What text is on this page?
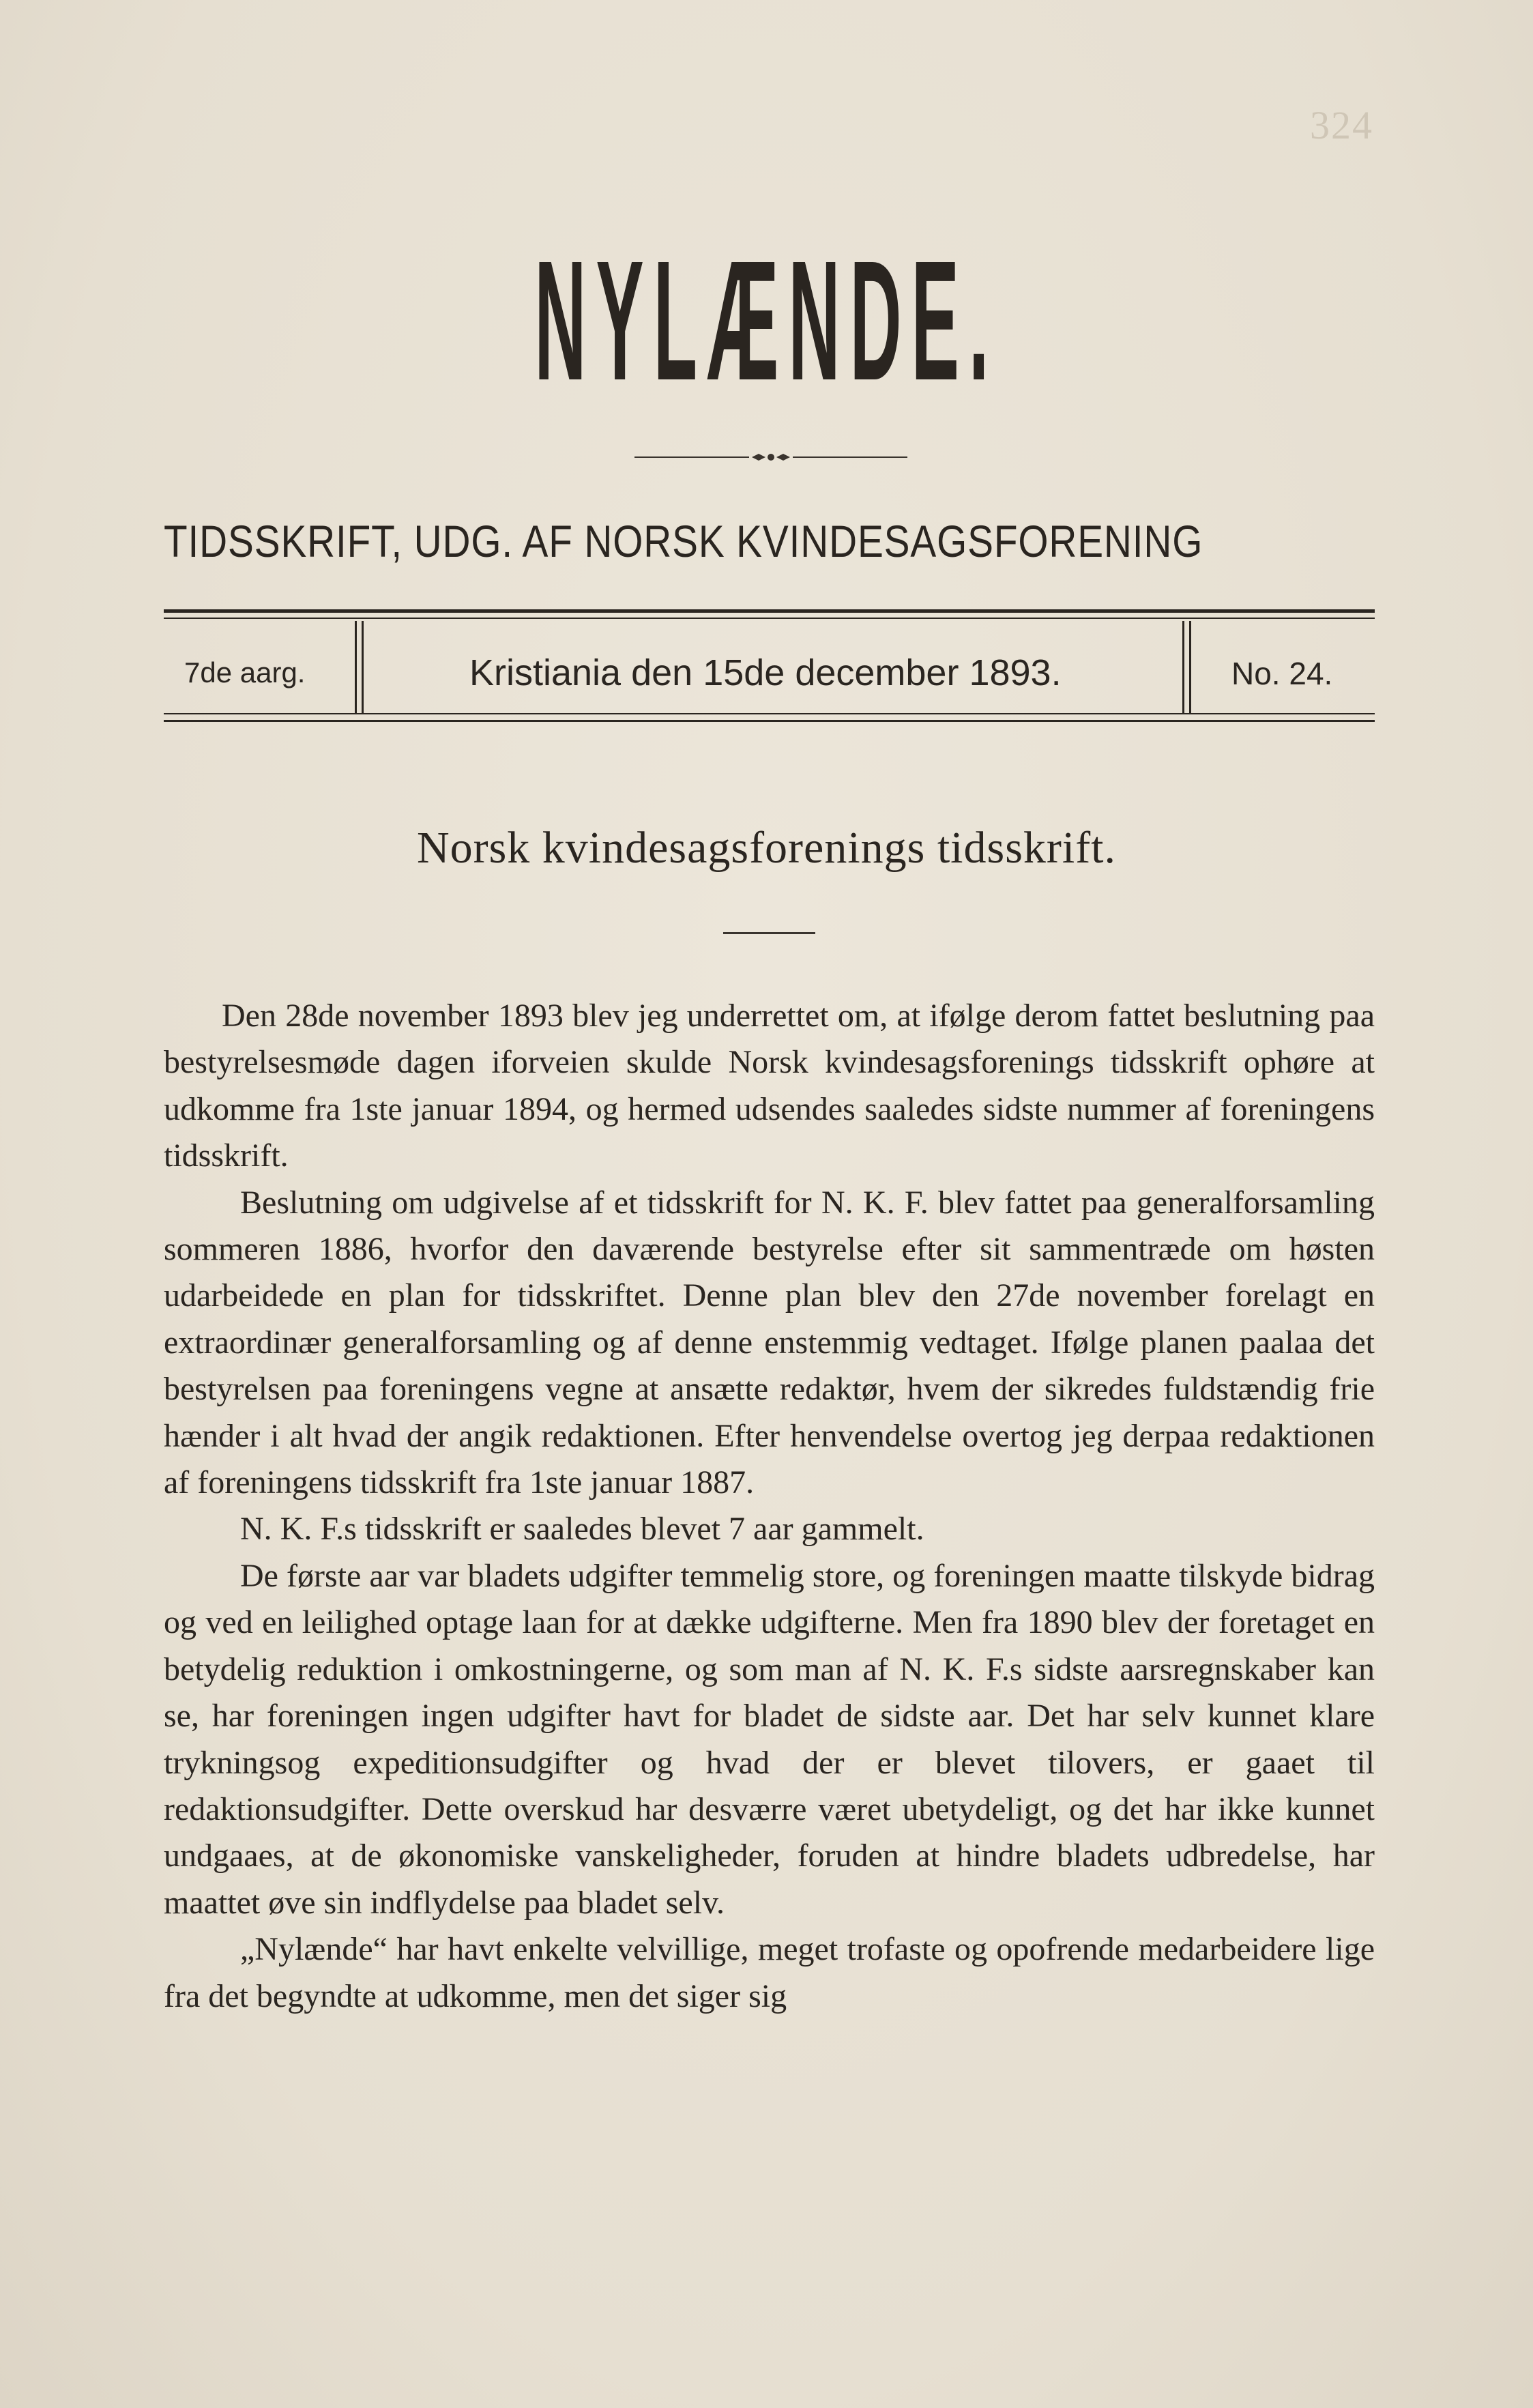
324
NYLÆNDE.
TIDSSKRIFT, UDG. AF NORSK KVINDESAGSFORENING
7de aarg.	Kristiania den 15de december 1893.	No. 24.
Norsk kvindesagsforenings tidsskrift.

Den 28de november 1893 blev jeg underrettet om, at ifølge derom fattet beslutning paa bestyrelsesmøde dagen iforveien skulde Norsk kvindesagsforenings tidsskrift ophøre at udkomme fra 1ste januar 1894, og hermed udsendes saaledes sidste nummer af foreningens tidsskrift.

Beslutning om udgivelse af et tidsskrift for N. K. F. blev fattet paa generalforsamling sommeren 1886, hvorfor den daværende bestyrelse efter sit sammentræde om høsten udarbeidede en plan for tidsskriftet. Denne plan blev den 27de november forelagt en extraordinær generalforsamling og af denne enstemmig vedtaget. Ifølge planen paalaa det bestyrelsen paa foreningens vegne at ansætte redaktør, hvem der sikredes fuldstændig frie hænder i alt hvad der angik redaktionen. Efter henvendelse overtog jeg derpaa redaktionen af foreningens tidsskrift fra 1ste januar 1887.

N. K. F.s tidsskrift er saaledes blevet 7 aar gammelt.

De første aar var bladets udgifter temmelig store, og foreningen maatte tilskyde bidrag og ved en leilighed optage laan for at dække udgifterne. Men fra 1890 blev der foretaget en betydelig reduktion i omkostningerne, og som man af N. K. F.s sidste aarsregnskaber kan se, har foreningen ingen udgifter havt for bladet de sidste aar. Det har selv kunnet klare trykningsog expeditionsudgifter og hvad der er blevet tilovers, er gaaet til redaktionsudgifter. Dette overskud har desværre været ubetydeligt, og det har ikke kunnet undgaaes, at de økonomiske vanskeligheder, foruden at hindre bladets udbredelse, har maattet øve sin indflydelse paa bladet selv.

„Nylænde“ har havt enkelte velvillige, meget trofaste og opofrende medarbeidere lige fra det begyndte at udkomme, men det siger sig
